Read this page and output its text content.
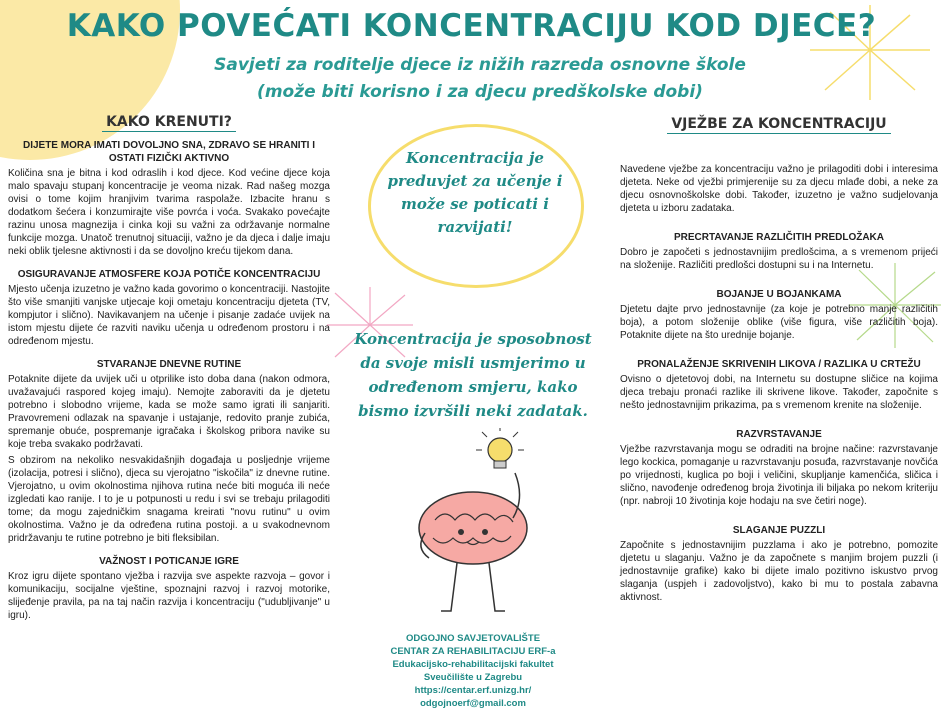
KAKO POVEĆATI KONCENTRACIJU KOD DJECE?
Savjeti za roditelje djece iz nižih razreda osnovne škole
(može biti korisno i za djecu predškolske dobi)
KAKO KRENUTI?

DIJETE MORA IMATI DOVOLJNO SNA, ZDRAVO SE HRANITI I OSTATI FIZIČKI AKTIVNO

Količina sna je bitna i kod odraslih i kod djece. Kod većine djece koja malo spavaju stupanj koncentracije je veoma nizak. Rad našeg mozga ovisi o tome kojim hranjivim tvarima raspolaže. Izbacite hranu s dodatkom šećera i konzumirajte više povrća i voća. Svakako povećajte razinu unosa magnezija i cinka koji su važni za održavanje normalne funkcije mozga. Unatoč trenutnoj situaciji, važno je da djeca i dalje imaju neki oblik tjelesne aktivnosti i da se dovoljno kreću tijekom dana.

OSIGURAVANJE ATMOSFERE KOJA POTIČE KONCENTRACIJU

Mjesto učenja izuzetno je važno kada govorimo o koncentraciji. Nastojite što više smanjiti vanjske utjecaje koji ometaju koncentraciju djeteta (TV, kompjutor i slično). Navikavanjem na učenje i pisanje zadaće uvijek na istom mjestu dijete će razviti naviku učenja u određenom prostoru i na određenom mjestu.

STVARANJE DNEVNE RUTINE

Potaknite dijete da uvijek uči u otprilike isto doba dana (nakon odmora, uvažavajući raspored kojeg imaju). Nemojte zaboraviti da je djetetu potrebno i slobodno vrijeme, kada se može samo igrati ili sanjariti. Pravovremeni odlazak na spavanje i ustajanje, redovito pranje zubića, spremanje obuće, pospremanje igračaka i školskog pribora navike su koje treba svakako podržavati.

S obzirom na nekoliko nesvakidašnjih događaja u posljednje vrijeme (izolacija, potresi i slično), djeca su vjerojatno "iskočila" iz dnevne rutine. Vjerojatno, u ovim okolnostima njihova rutina neće biti moguća ili neće izgledati kao ranije. I to je u potpunosti u redu i svi se trebaju prilagoditi tome; da mogu zajedničkim snagama kreirati "novu rutinu" u ovim okolnostima. Važno je da određena rutina postoji. a u svakodnevnom pridržavanju te rutine potrebno je biti fleksibilan.

VAŽNOST I POTICANJE IGRE

Kroz igru dijete spontano vježba i razvija sve aspekte razvoja – govor i komunikaciju, socijalne vještine, spoznajni razvoj i razvoj motorike, slijeđenje pravila, pa na taj način razvija i koncentraciju ("udubljivanje" u igru).

Koncentracija je preduvjet za učenje i može se poticati i razvijati!
Koncentracija je sposobnost da svoje misli usmjerimo u određenom smjeru, kako bismo izvršili neki zadatak.
ODGOJNO SAVJETOVALIŠTE
CENTAR ZA REHABILITACIJU ERF-a
Edukacijsko-rehabilitacijski fakultet
Sveučilište u Zagrebu
https://centar.erf.unizg.hr/
odgojnoerf@gmail.com
VJEŽBE ZA KONCENTRACIJU

Navedene vježbe za koncentraciju važno je prilagoditi dobi i interesima djeteta. Neke od vježbi primjerenije su za djecu mlađe dobi, a neke za djecu osnovnoškolske dobi. Također, izuzetno je važno sudjelovanja djeteta u izboru zadataka.

PRECRTAVANJE RAZLIČITIH PREDLOŽAKA

Dobro je započeti s jednostavnijim predlošcima, a s vremenom prijeći na složenije. Različiti predlošci dostupni su i na Internetu.

BOJANJE U BOJANKAMA

Djetetu dajte prvo jednostavnije (za koje je potrebno manje različitih boja), a potom složenije oblike (više figura, više različitih boja). Potaknite dijete na što urednije bojanje.

PRONALAŽENJE SKRIVENIH LIKOVA / RAZLIKA U CRTEŽU

Ovisno o djetetovoj dobi, na Internetu su dostupne sličice na kojima djeca trebaju pronaći razlike ili skrivene likove. Također, započnite s nešto jednostavnijim prikazima, pa s vremenom krenite na složenije.

RAZVRSTAVANJE

Vježbe razvrstavanja mogu se odraditi na brojne načine: razvrstavanje lego kockica, pomaganje u razvrstavanju posuđa, razvrstavanje novčića po vrijednosti, kuglica po boji i veličini, skupljanje kamenčića, sličica i slično, navođenje određenog broja životinja ili biljaka po nekom kriteriju (npr. nabroji 10 životinja koje hodaju na sve četiri noge).

SLAGANJE PUZZLI

Započnite s jednostavnijim puzzlama i ako je potrebno, pomozite djetetu u slaganju. Važno je da započnete s manjim brojem puzzli (i jednostavnije grafike) kako bi dijete imalo pozitivno iskustvo prvog slaganja (uspjeh i zadovoljstvo), kako bi mu to postala zabavna aktivnost.
